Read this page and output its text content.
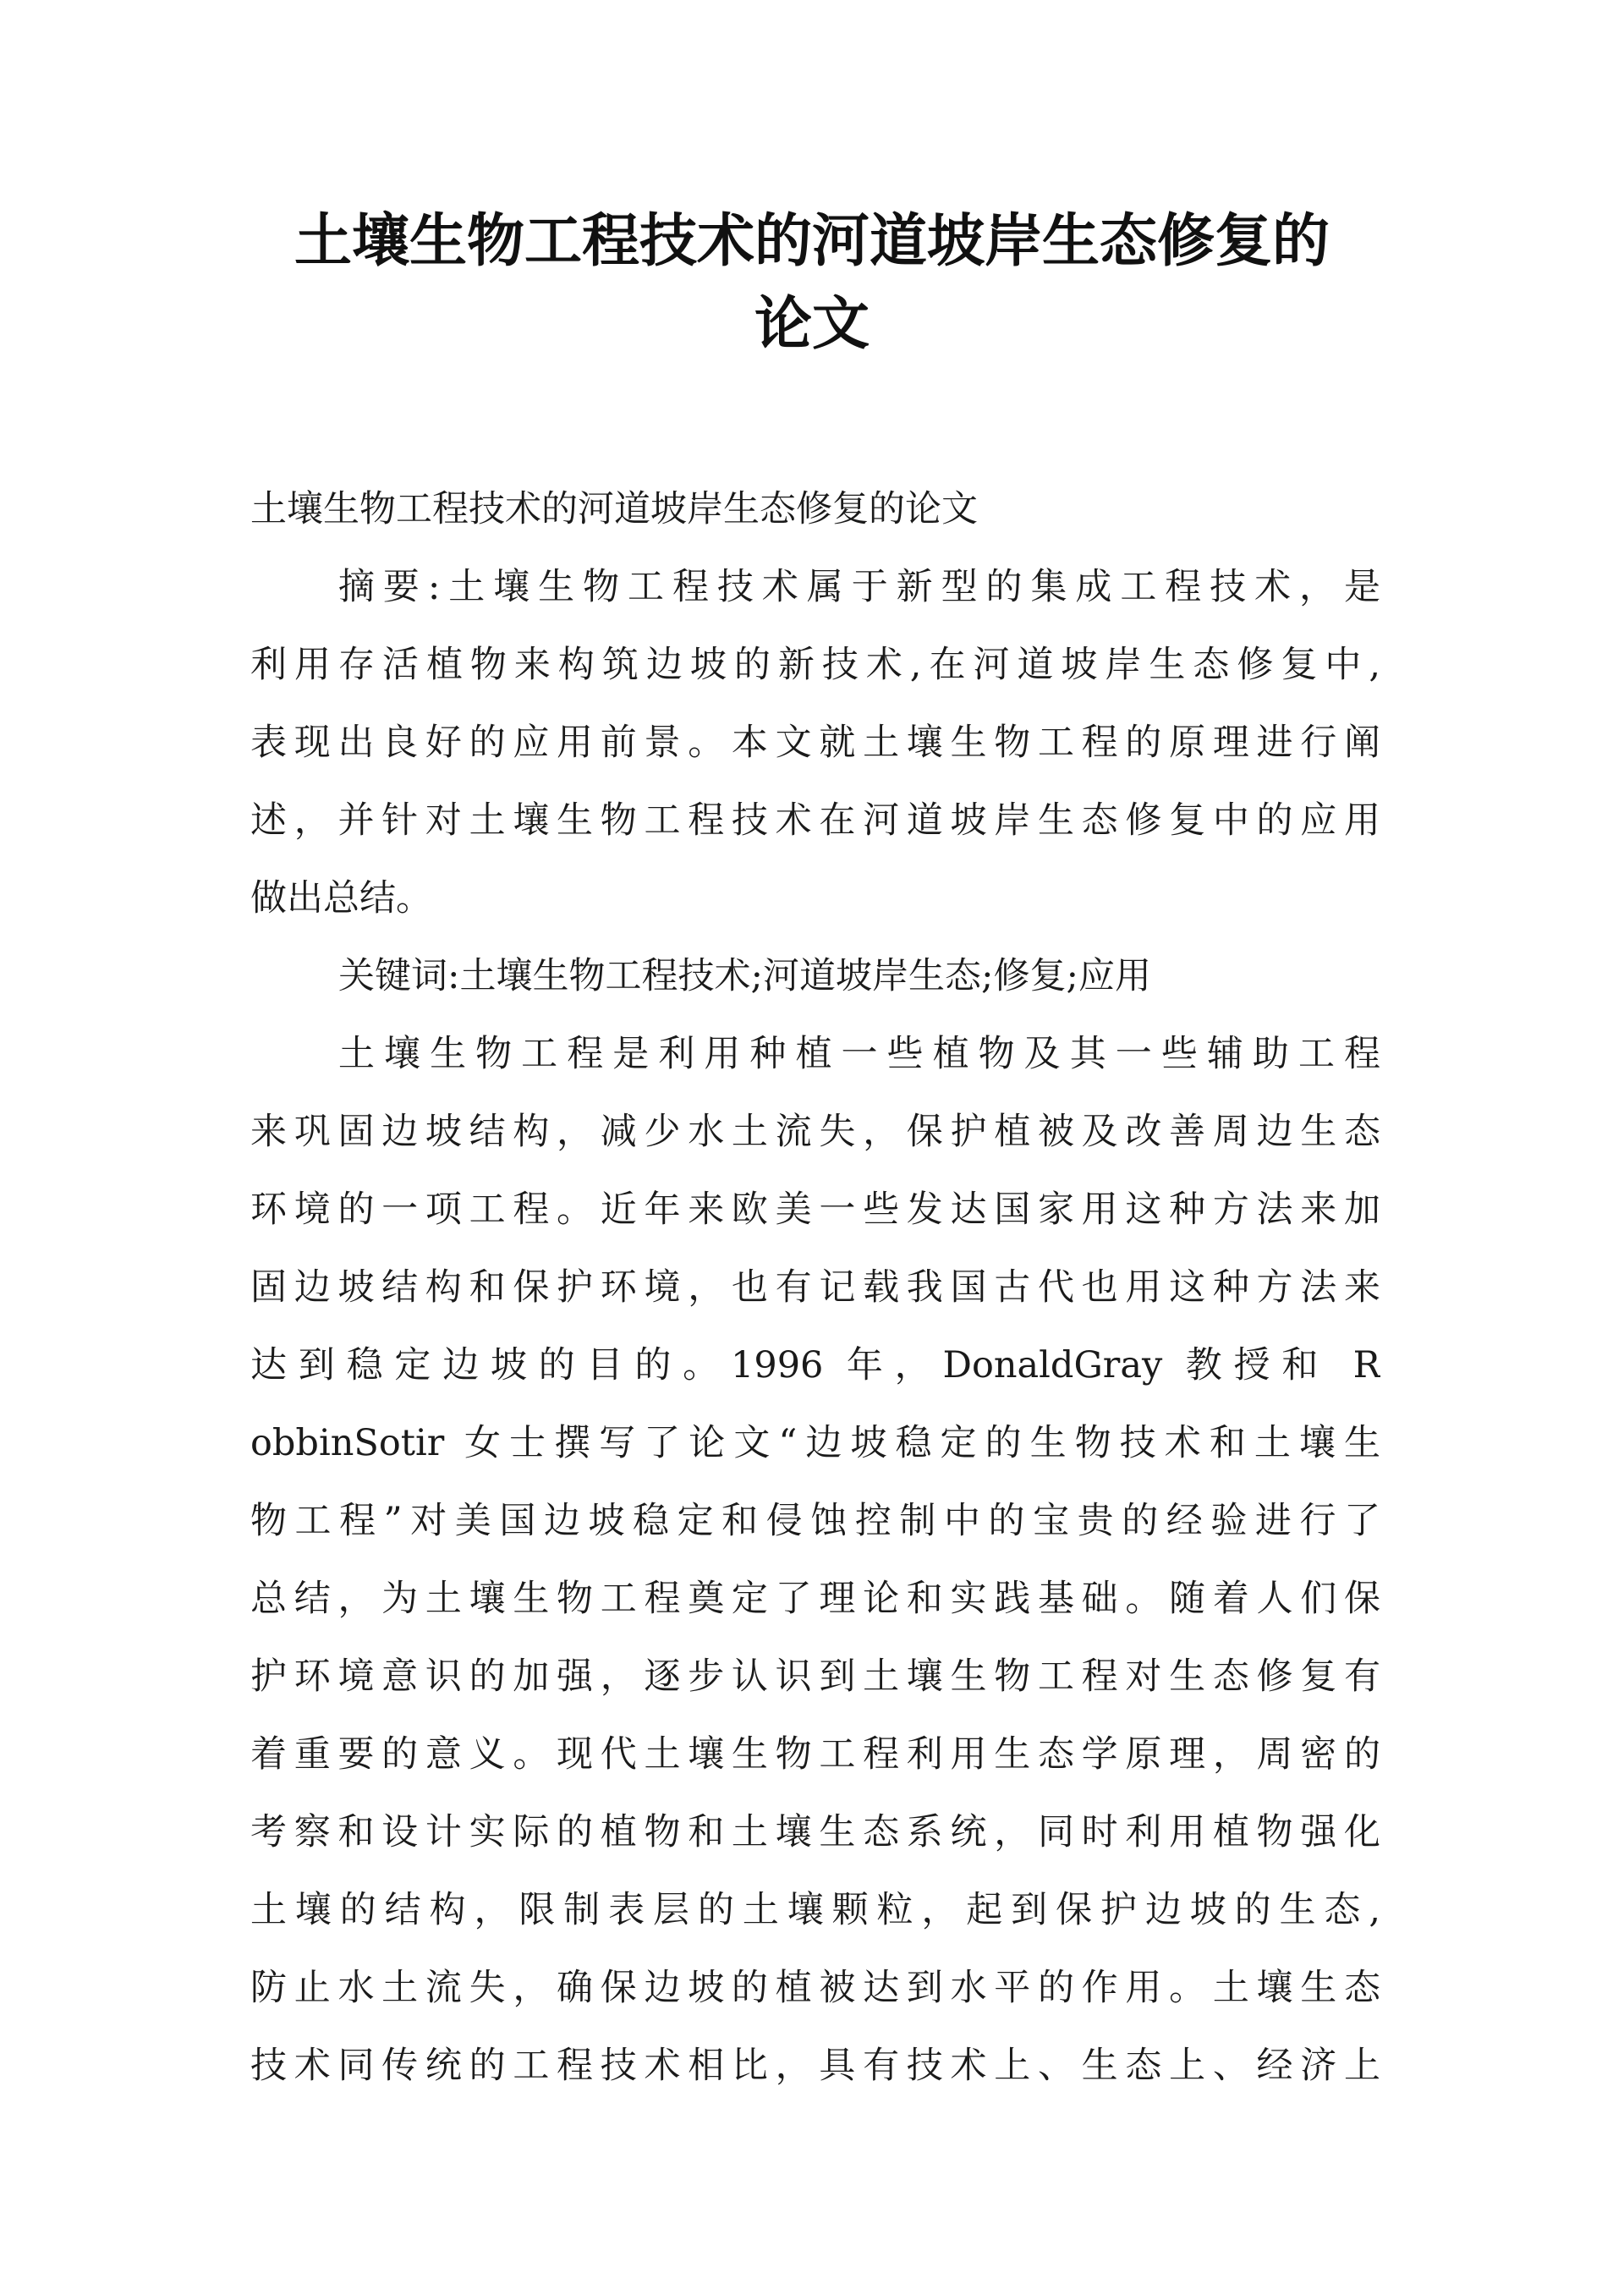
土壤生物工程技术的河道坡岸生态修复的
论文
土壤生物工程技术的河道坡岸生态修复的论文
摘要:土壤生物工程技术属于新型的集成工程技术，是
利用存活植物来构筑边坡的新技术,在河道坡岸生态修复中,
表现出良好的应用前景。本文就土壤生物工程的原理进行阐
述，并针对土壤生物工程技术在河道坡岸生态修复中的应用
做出总结。
关键词:土壤生物工程技术;河道坡岸生态;修复;应用
土壤生物工程是利用种植一些植物及其一些辅助工程
来巩固边坡结构，减少水土流失，保护植被及改善周边生态
环境的一项工程。近年来欧美一些发达国家用这种方法来加
固边坡结构和保护环境，也有记载我国古代也用这种方法来
达到稳定边坡的目的。1996 年，DonaldGray 教授和 R
obbinSotir 女士撰写了论文“边坡稳定的生物技术和土壤生
物工程”对美国边坡稳定和侵蚀控制中的宝贵的经验进行了
总结，为土壤生物工程奠定了理论和实践基础。随着人们保
护环境意识的加强，逐步认识到土壤生物工程对生态修复有
着重要的意义。现代土壤生物工程利用生态学原理，周密的
考察和设计实际的植物和土壤生态系统，同时利用植物强化
土壤的结构，限制表层的土壤颗粒，起到保护边坡的生态,
防止水土流失，确保边坡的植被达到水平的作用。土壤生态
技术同传统的工程技术相比，具有技术上、生态上、经济上
